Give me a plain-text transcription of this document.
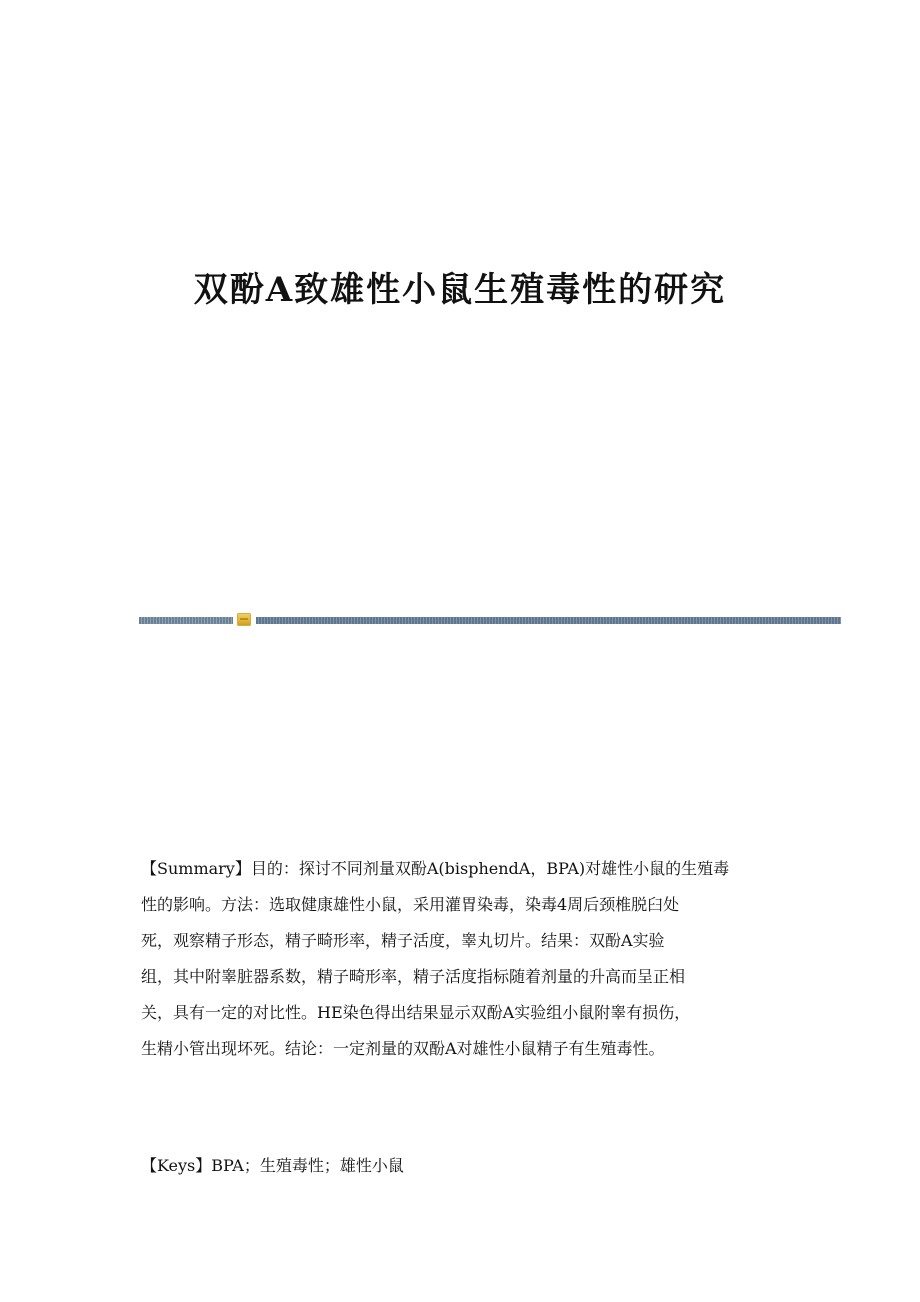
双酚A致雄性小鼠生殖毒性的研究

【Summary】目的：探讨不同剂量双酚A(bisphendA，BPA)对雄性小鼠的生殖毒
性的影响。方法：选取健康雄性小鼠，采用灌胃染毒，染毒4周后颈椎脱臼处
死，观察精子形态，精子畸形率，精子活度，睾丸切片。结果：双酚A实验
组，其中附睾脏器系数，精子畸形率，精子活度指标随着剂量的升高而呈正相
关，具有一定的对比性。HE染色得出结果显示双酚A实验组小鼠附睾有损伤，
生精小管出现坏死。结论：一定剂量的双酚A对雄性小鼠精子有生殖毒性。

【Keys】BPA；生殖毒性；雄性小鼠
